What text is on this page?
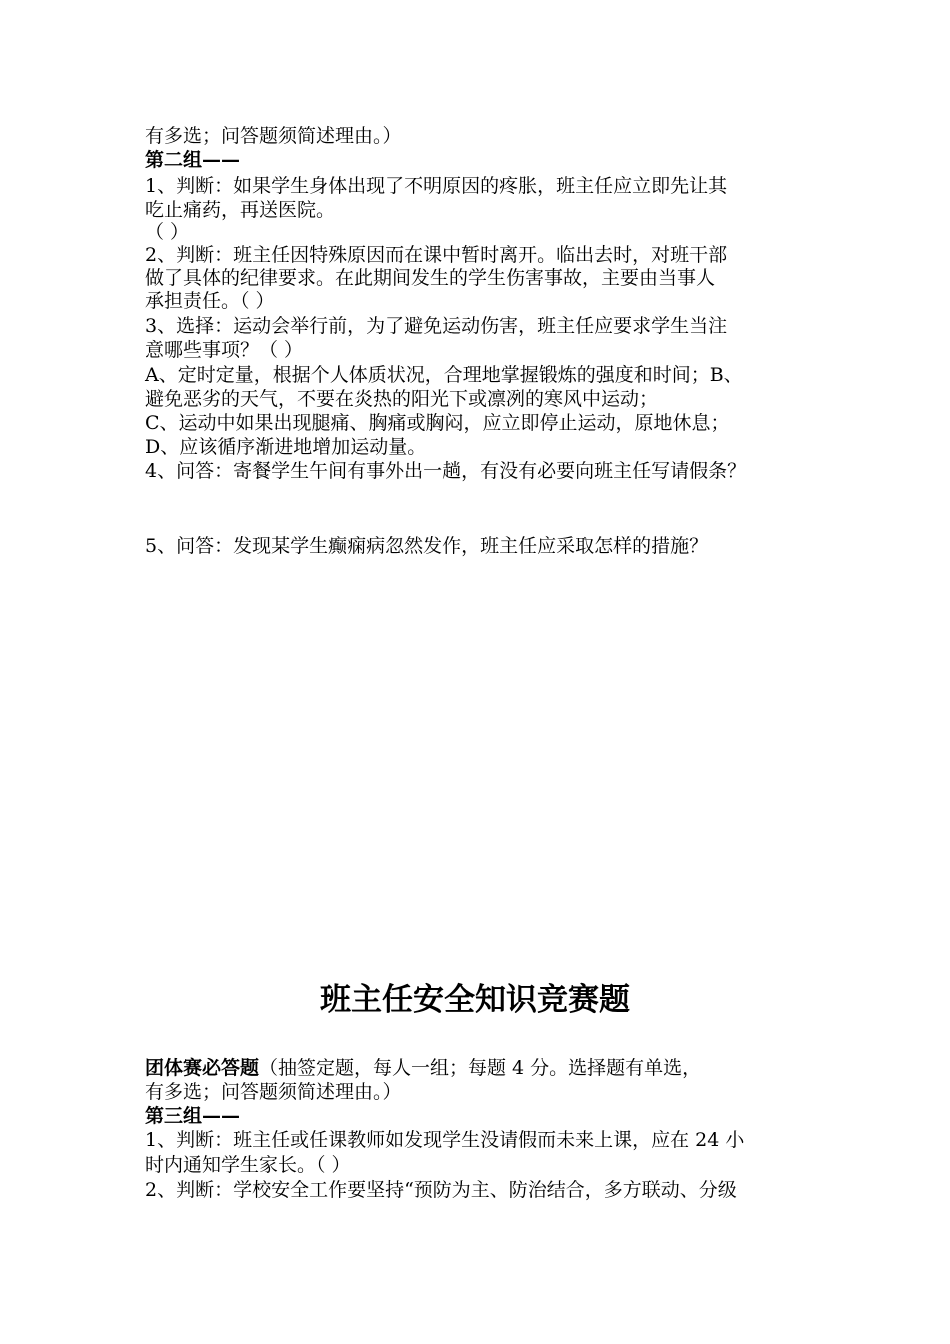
有多选；问答题须简述理由。）
第二组——
1、判断：如果学生身体出现了不明原因的疼胀，班主任应立即先让其
吃止痛药，再送医院。
（ ）
2、判断：班主任因特殊原因而在课中暂时离开。临出去时，对班干部
做了具体的纪律要求。在此期间发生的学生伤害事故，主要由当事人
承担责任。（ ）
3、选择：运动会举行前，为了避免运动伤害，班主任应要求学生当注
意哪些事项？（ ）
A、定时定量，根据个人体质状况，合理地掌握锻炼的强度和时间；B、
避免恶劣的天气，不要在炎热的阳光下或凛冽的寒风中运动；
C、运动中如果出现腿痛、胸痛或胸闷，应立即停止运动，原地休息；
D、应该循序渐进地增加运动量。
4、问答：寄餐学生午间有事外出一趟，有没有必要向班主任写请假条？
5、问答：发现某学生癫痫病忽然发作，班主任应采取怎样的措施？
班主任安全知识竞赛题
团体赛必答题（抽签定题，每人一组；每题 4 分。选择题有单选，
有多选；问答题须简述理由。）
第三组——
1、判断：班主任或任课教师如发现学生没请假而未来上课，应在 24 小
时内通知学生家长。（ ）
2、判断：学校安全工作要坚持“预防为主、防治结合，多方联动、分级
